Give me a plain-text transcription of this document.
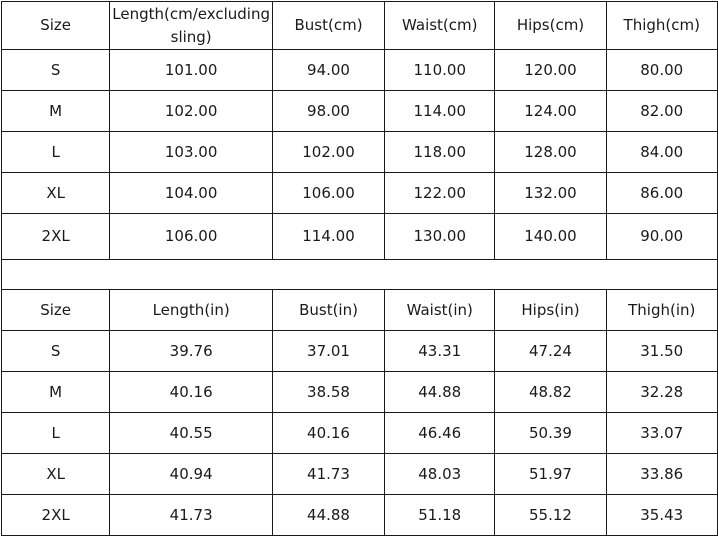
Size	Length(cm/excluding sling)	Bust(cm)	Waist(cm)	Hips(cm)	Thigh(cm)
S	101.00	94.00	110.00	120.00	80.00
M	102.00	98.00	114.00	124.00	82.00
L	103.00	102.00	118.00	128.00	84.00
XL	104.00	106.00	122.00	132.00	86.00
2XL	106.00	114.00	130.00	140.00	90.00

Size	Length(in)	Bust(in)	Waist(in)	Hips(in)	Thigh(in)
S	39.76	37.01	43.31	47.24	31.50
M	40.16	38.58	44.88	48.82	32.28
L	40.55	40.16	46.46	50.39	33.07
XL	40.94	41.73	48.03	51.97	33.86
2XL	41.73	44.88	51.18	55.12	35.43
